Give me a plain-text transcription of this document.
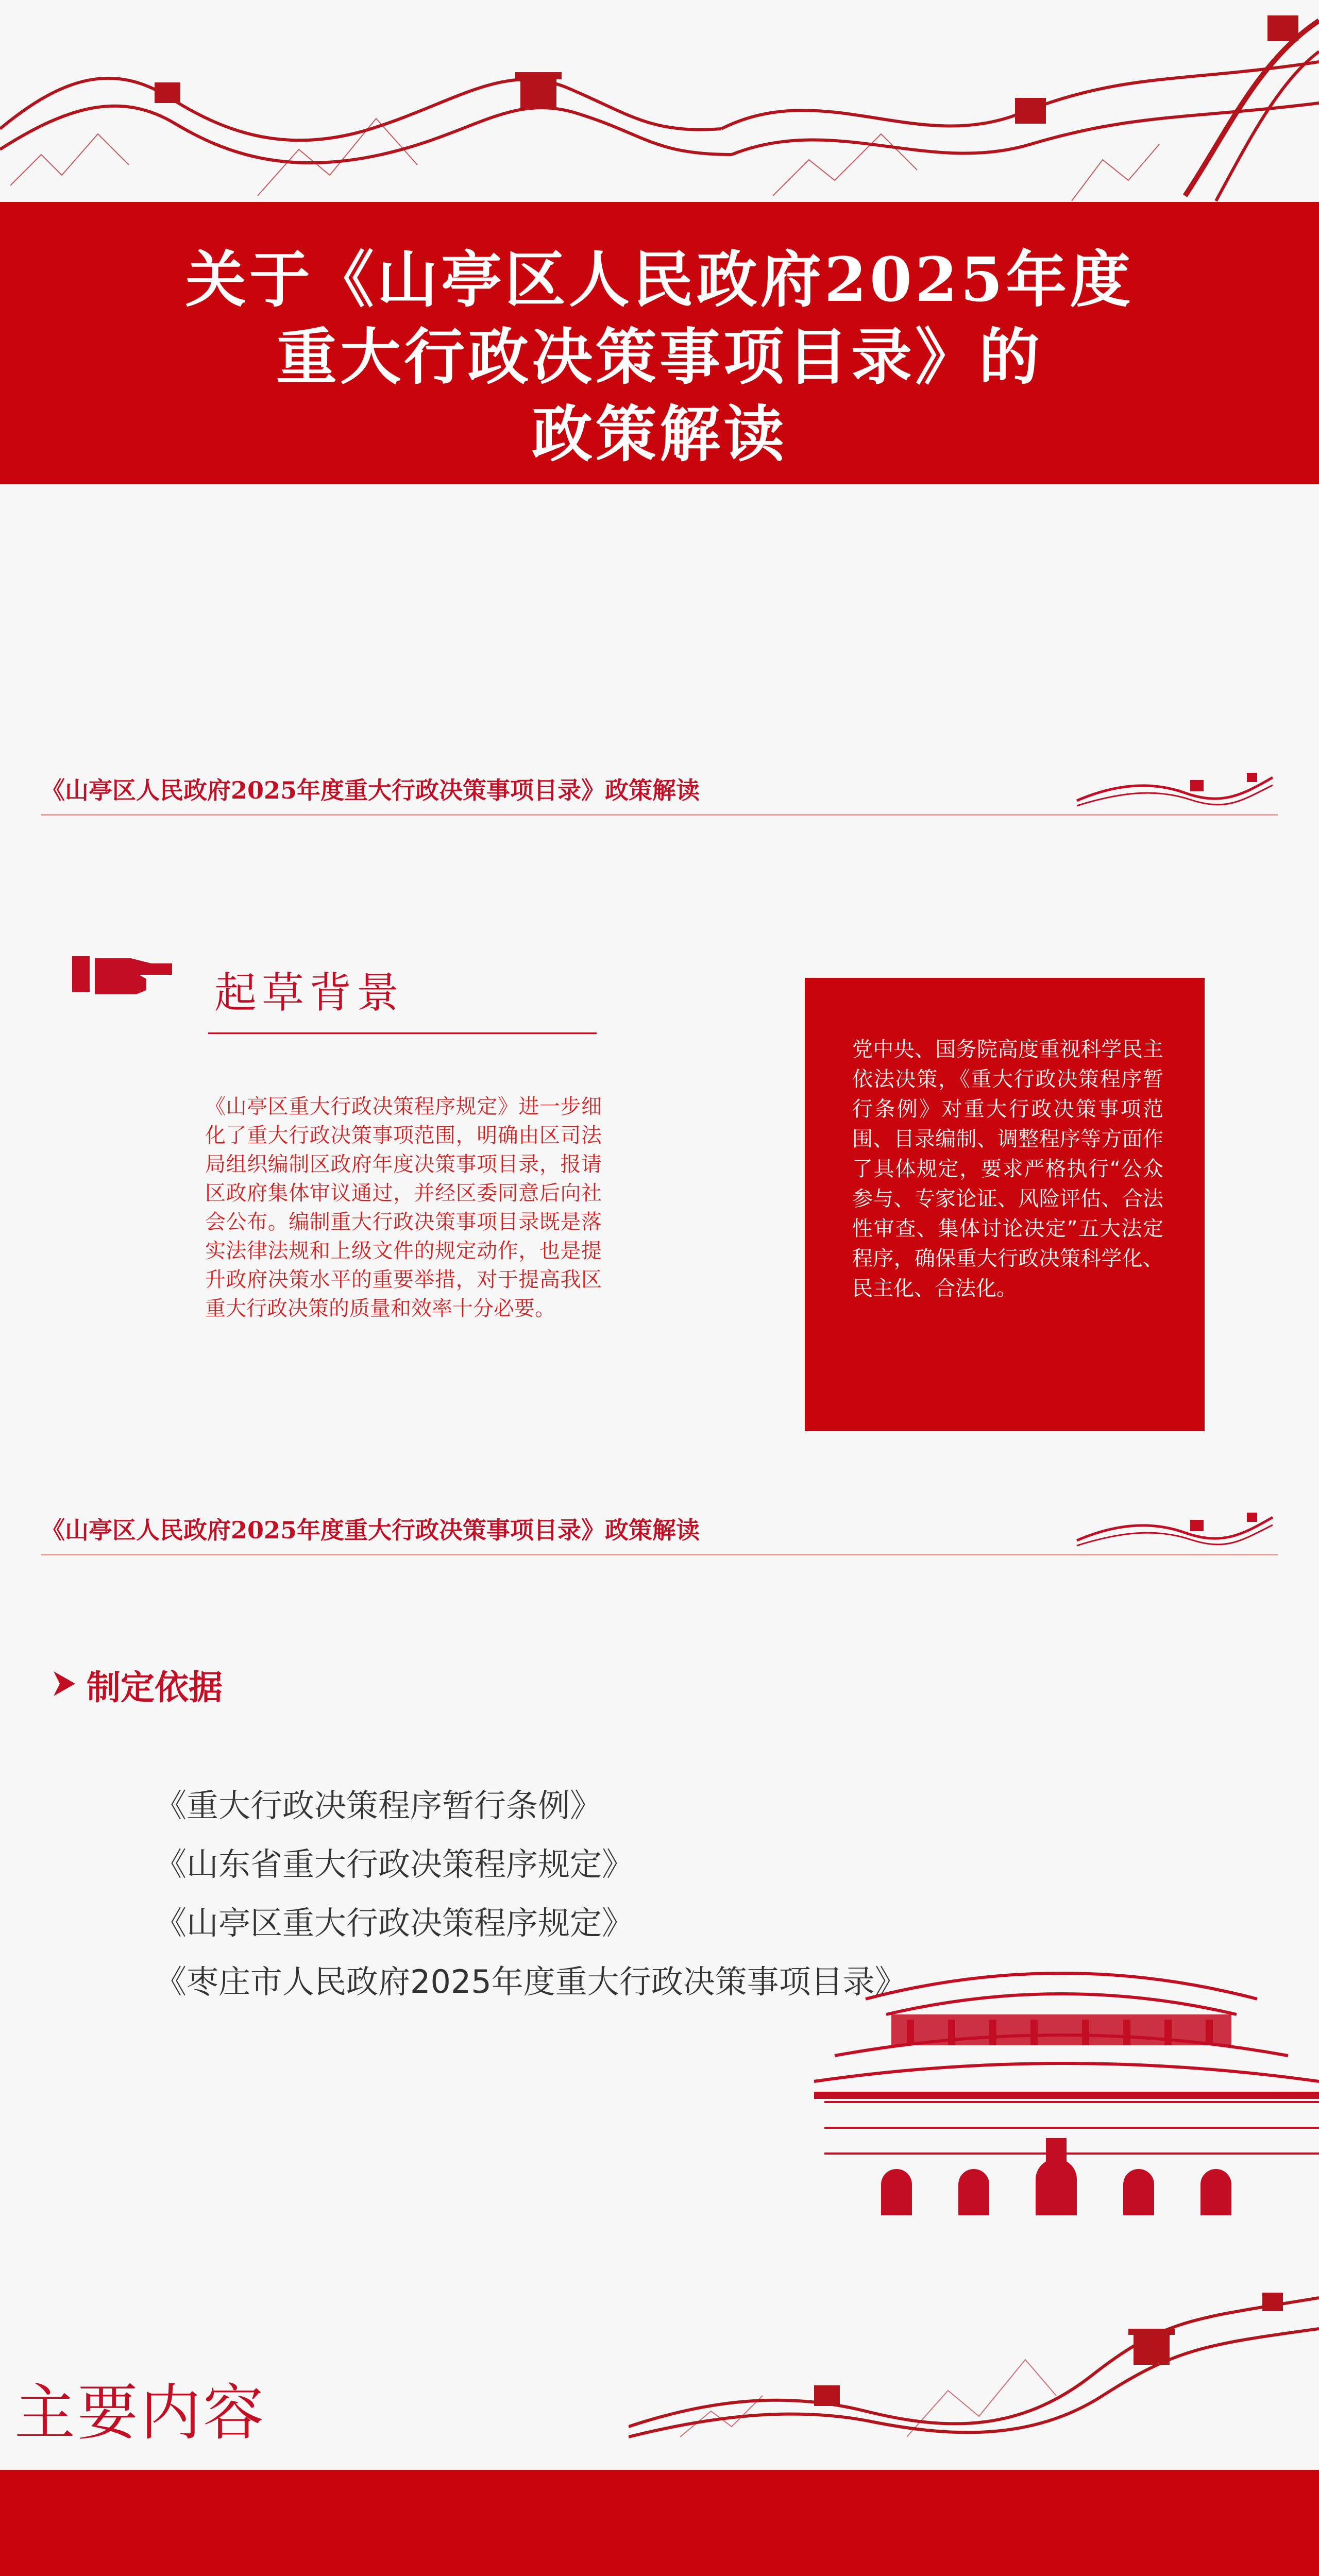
关于《山亭区人民政府2025年度
重大行政决策事项目录》的
政策解读
《山亭区人民政府2025年度重大行政决策事项目录》政策解读
起草背景
《山亭区重大行政决策程序规定》进一步细化了重大行政决策事项范围，明确由区司法局组织编制区政府年度决策事项目录，报请区政府集体审议通过，并经区委同意后向社会公布。编制重大行政决策事项目录既是落实法律法规和上级文件的规定动作，也是提升政府决策水平的重要举措，对于提高我区重大行政决策的质量和效率十分必要。
党中央、国务院高度重视科学民主依法决策，《重大行政决策程序暂行条例》对重大行政决策事项范围、目录编制、调整程序等方面作了具体规定，要求严格执行“公众参与、专家论证、风险评估、合法性审查、集体讨论决定”五大法定程序，确保重大行政决策科学化、民主化、合法化。
《山亭区人民政府2025年度重大行政决策事项目录》政策解读
制定依据
《重大行政决策程序暂行条例》
《山东省重大行政决策程序规定》
《山亭区重大行政决策程序规定》
《枣庄市人民政府2025年度重大行政决策事项目录》
主要内容
